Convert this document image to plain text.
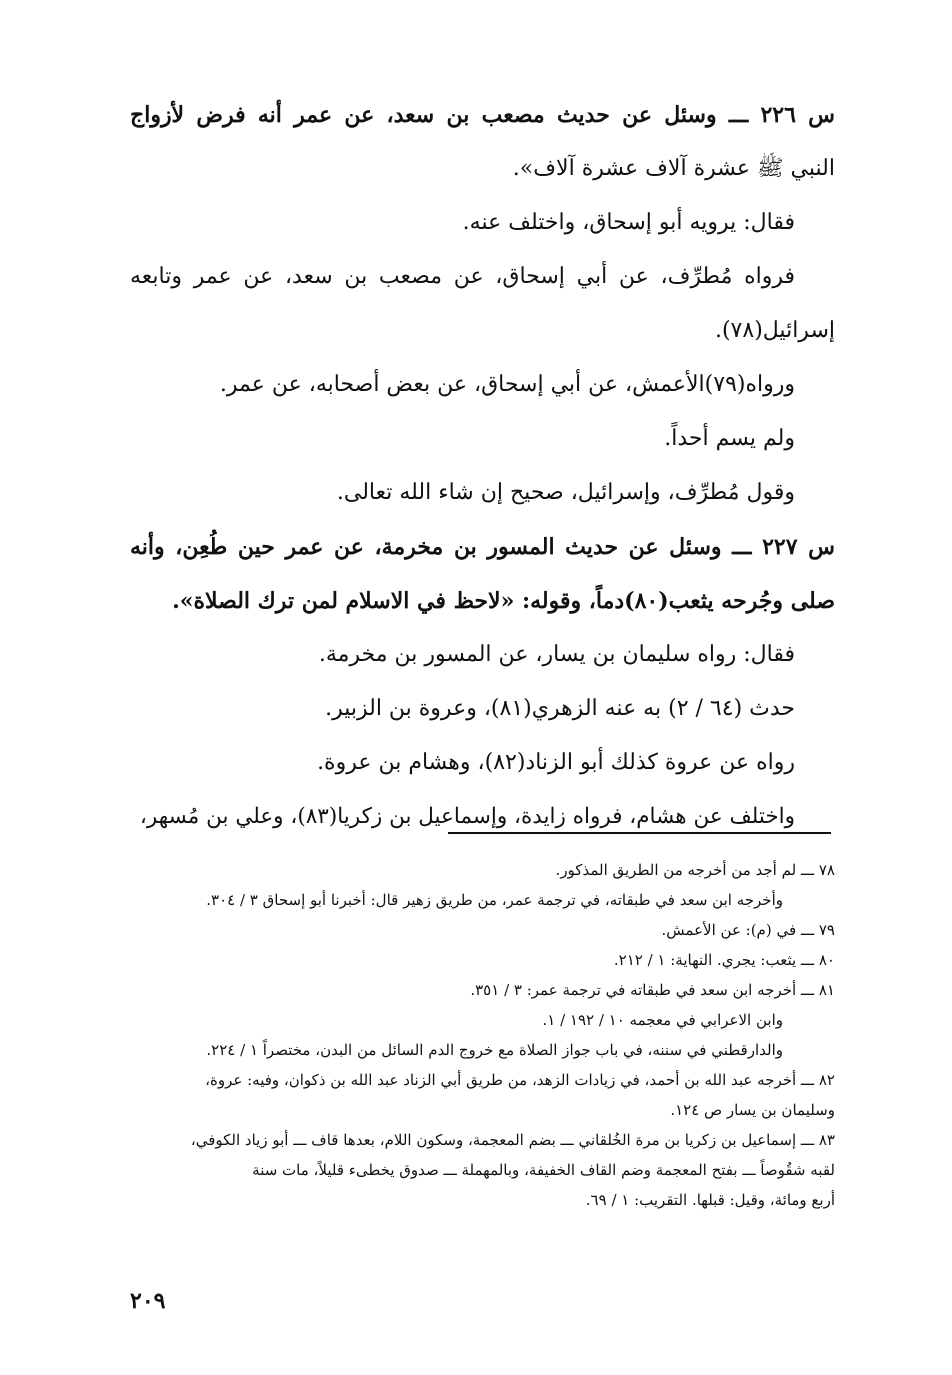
س ٢٢٦ ـــ وسئل عن حديث مصعب بن سعد، عن عمر أنه فرض لأزواج
النبي ﷺ عشرة آلاف عشرة آلاف».
فقال: يرويه أبو إسحاق، واختلف عنه.
فرواه مُطرِّف، عن أبي إسحاق، عن مصعب بن سعد، عن عمر وتابعه
إسرائيل(٧٨).
ورواه(٧٩)الأعمش، عن أبي إسحاق، عن بعض أصحابه، عن عمر.
ولم يسم أحداً.
وقول مُطرِّف، وإسرائيل، صحيح إن شاء الله تعالى.
س ٢٢٧ ـــ وسئل عن حديث المسور بن مخرمة، عن عمر حين طُعِن، وأنه
صلى وجُرحه يثعب(٨٠)دماً، وقوله: «لاحظ في الاسلام لمن ترك الصلاة».
فقال: رواه سليمان بن يسار، عن المسور بن مخرمة.
حدث (٦٤ / ٢) به عنه الزهري(٨١)، وعروة بن الزبير.
رواه عن عروة كذلك أبو الزناد(٨٢)، وهشام بن عروة.
واختلف عن هشام، فرواه زايدة، وإسماعيل بن زكريا(٨٣)، وعلي بن مُسهر،
٧٨ ـــ لم أجد من أخرجه من الطريق المذكور.
وأخرجه ابن سعد في طبقاته، في ترجمة عمر، من طريق زهير قال: أخبرنا أبو إسحاق ٣ / ٣٠٤.
٧٩ ـــ في (م): عن الأعمش.
٨٠ ـــ يثعب: يجري. النهاية: ١ / ٢١٢.
٨١ ـــ أخرجه ابن سعد في طبقاته في ترجمة عمر: ٣ / ٣٥١.
وابن الاعرابي في معجمه ١٠ / ١٩٢ / ١.
والدارقطني في سننه، في باب جواز الصلاة مع خروج الدم السائل من البدن، مختصراً ١ / ٢٢٤.
٨٢ ـــ أخرجه عبد الله بن أحمد، في زيادات الزهد، من طريق أبي الزناد عبد الله بن ذكوان، وفيه: عروة،
وسليمان بن يسار ص ١٢٤.
٨٣ ـــ إسماعيل بن زكريا بن مرة الخُلقاني ـــ بضم المعجمة، وسكون اللام، بعدها قاف ـــ أبو زياد الكوفي،
لقبه شقُوصاً ـــ بفتح المعجمة وضم القاف الخفيفة، وبالمهملة ـــ صدوق يخطىء قليلاً، مات سنة
أربع ومائة، وقيل: قبلها. التقريب: ١ / ٦٩.
٢٠٩
